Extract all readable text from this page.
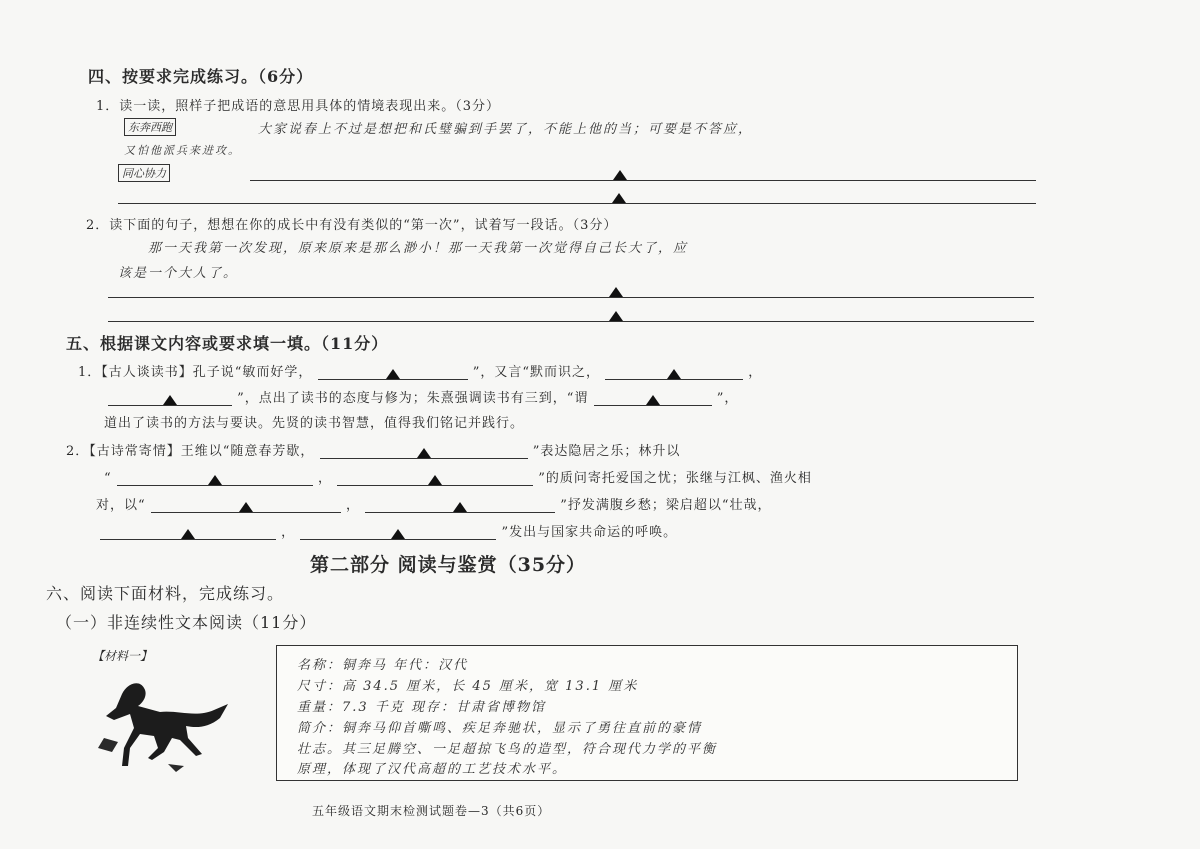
四、按要求完成练习。（6分）
1．读一读，照样子把成语的意思用具体的情境表现出来。（3分）
东奔西跑	大家说春上不过是想把和氏璧骗到手罢了，不能上他的当；可要是不答应，
又怕他派兵来进攻。
同心协力
2．读下面的句子，想想在你的成长中有没有类似的“第一次”，试着写一段话。（3分）
那一天我第一次发现，原来原来是那么渺小！那一天我第一次觉得自己长大了，应
该是一个大人了。
五、根据课文内容或要求填一填。（11分）
1．【古人谈读书】孔子说“敏而好学，	”，又言“默而识之，	，
”，点出了读书的态度与修为；朱熹强调读书有三到，“谓	”，
道出了读书的方法与要诀。先贤的读书智慧，值得我们铭记并践行。
2．【古诗常寄情】王维以“随意春芳歇，	”表达隐居之乐；林升以
“	，	”的质问寄托爱国之忧；张继与江枫、渔火相
对，以“	，	”抒发满腹乡愁；梁启超以“壮哉，
，	”发出与国家共命运的呼唤。
第二部分 阅读与鉴赏（35分）
六、阅读下面材料，完成练习。
（一）非连续性文本阅读（11分）
【材料一】
名称：铜奔马 年代：汉代
尺寸：高 34.5 厘米，长 45 厘米，宽 13.1 厘米
重量：7.3 千克 现存：甘肃省博物馆
简介：铜奔马仰首嘶鸣、疾足奔驰状，显示了勇往直前的豪情
壮志。其三足腾空、一足超掠飞鸟的造型，符合现代力学的平衡
原理，体现了汉代高超的工艺技术水平。
五年级语文期末检测试题卷—3（共6页）
